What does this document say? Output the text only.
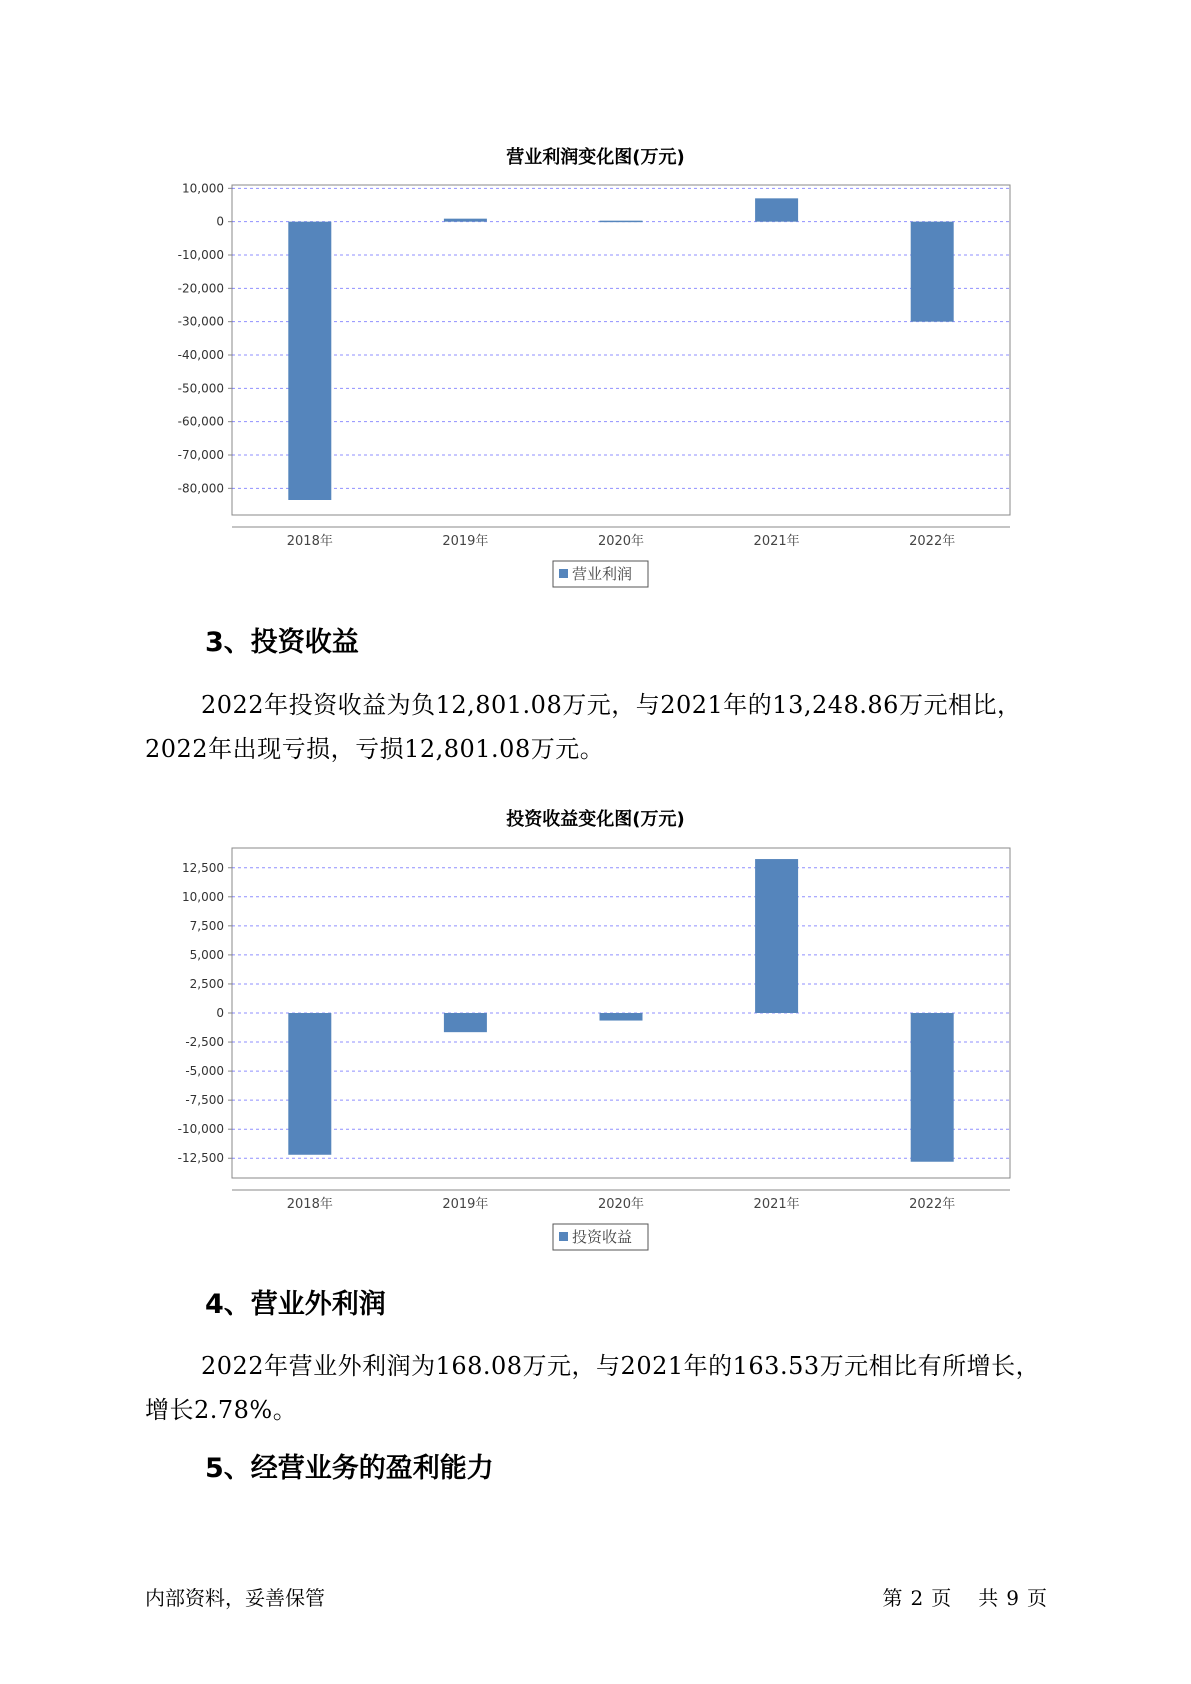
营业利润变化图(万元)
10,000
0
-10,000
-20,000
-30,000
-40,000
-50,000
-60,000
-70,000
-80,000
2018年	2019年	2020年	2021年	2022年
营业利润
3、投资收益

2022年投资收益为负12,801.08万元，与2021年的13,248.86万元相比，2022年出现亏损，亏损12,801.08万元。

投资收益变化图(万元)
12,500
10,000
7,500
5,000
2,500
0
-2,500
-5,000
-7,500
-10,000
-12,500
2018年	2019年	2020年	2021年	2022年
投资收益
4、营业外利润

2022年营业外利润为168.08万元，与2021年的163.53万元相比有所增长，增长2.78%。

5、经营业务的盈利能力
内部资料，妥善保管	第 2 页 共 9 页
